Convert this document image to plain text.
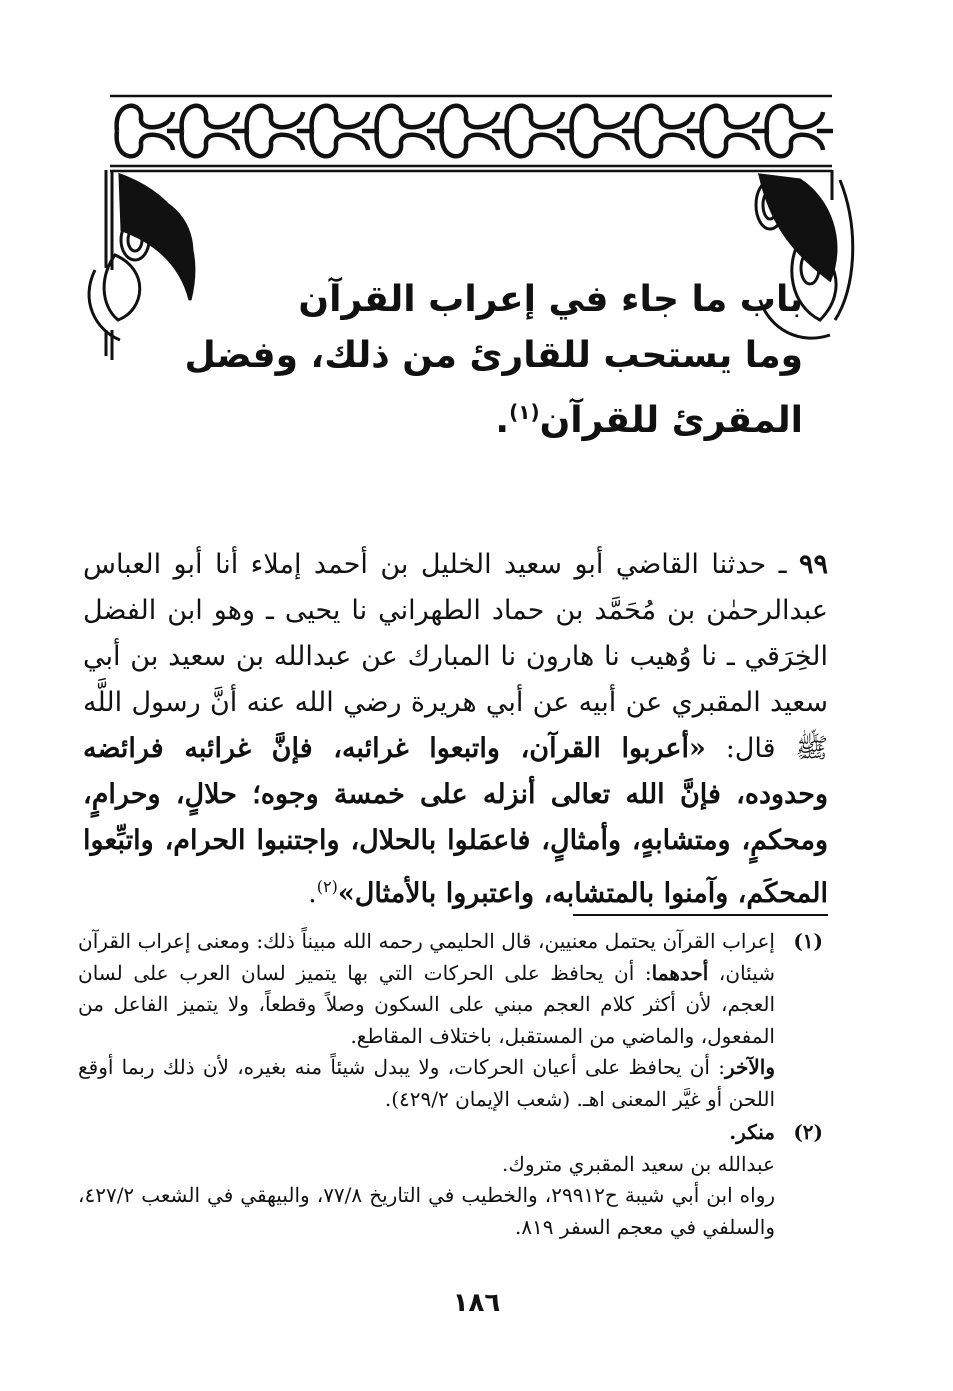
باب ما جاء في إعراب القرآن
وما يستحب للقارئ من ذلك، وفضل المقرئ للقرآن$^{(١)}$.
٩٩ ـ حدثنا القاضي أبو سعيد الخليل بن أحمد إملاء أنا أبو العباس عبدالرحمٰن بن مُحَمَّد بن حماد الطهراني نا يحيى ـ وهو ابن الفضل الخِرَقي ـ نا وُهيب نا هارون نا المبارك عن عبدالله بن سعيد بن أبي سعيد المقبري عن أبيه عن أبي هريرة رضي الله عنه أنَّ رسول اللَّه ﷺ قال: «أعربوا القرآن، واتبعوا غرائبه، فإنَّ غرائبه فرائضه وحدوده، فإنَّ الله تعالى أنزله على خمسة وجوه؛ حلالٍ، وحرامٍ، ومحكمٍ، ومتشابهٍ، وأمثالٍ، فاعمَلوا بالحلال، واجتنبوا الحرام، واتبِّعوا المحكَم، وآمنوا بالمتشابه، واعتبروا بالأمثال»$^{(٢)}$.
(١)

إعراب القرآن يحتمل معنيين، قال الحليمي رحمه الله مبيناً ذلك: ومعنى إعراب القرآن شيئان، أحدهما: أن يحافظ على الحركات التي بها يتميز لسان العرب على لسان العجم، لأن أكثر كلام العجم مبني على السكون وصلاً وقطعاً، ولا يتميز الفاعل من المفعول، والماضي من المستقبل، باختلاف المقاطع.

والآخر: أن يحافظ على أعيان الحركات، ولا يبدل شيئاً منه بغيره، لأن ذلك ربما أوقع اللحن أو غيَّر المعنى اهـ. (شعب الإيمان ٤٢٩/٢).

(٢)

منكر.

عبدالله بن سعيد المقبري متروك.

رواه ابن أبي شيبة ح٢٩٩١٢، والخطيب في التاريخ ٧٧/٨، والبيهقي في الشعب ٤٢٧/٢، والسلفي في معجم السفر ٨١٩.

١٨٦
